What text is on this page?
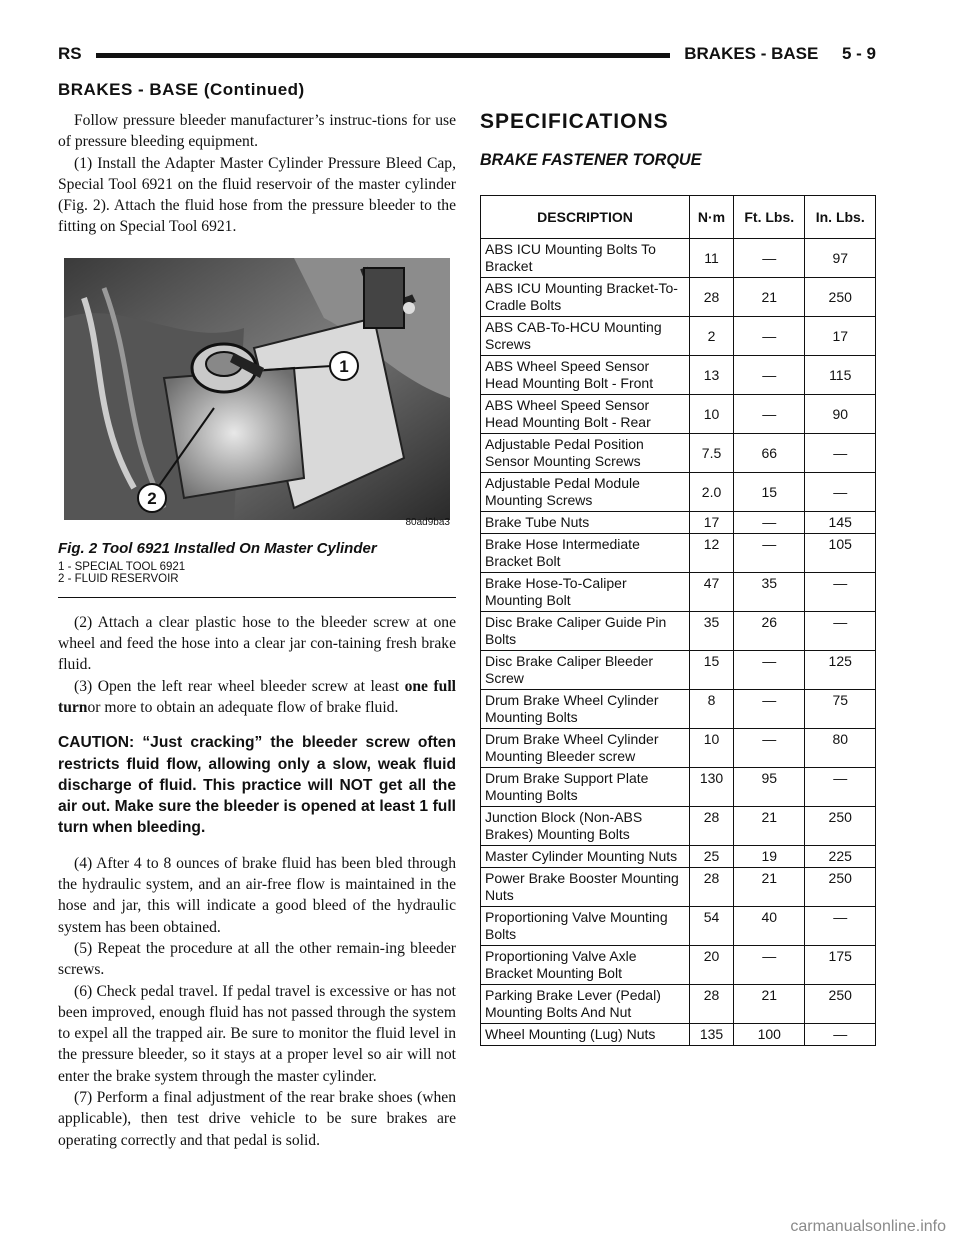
RS	BRAKES - BASE     5 - 9
BRAKES - BASE (Continued)

Follow pressure bleeder manufacturer’s instruc-tions for use of pressure bleeding equipment.

(1) Install the Adapter Master Cylinder Pressure Bleed Cap, Special Tool 6921 on the fluid reservoir of the master cylinder (Fig. 2). Attach the fluid hose from the pressure bleeder to the fitting on Special Tool 6921.

1
2
80ad9ba3
Fig. 2 Tool 6921 Installed On Master Cylinder
1 - SPECIAL TOOL 6921
2 - FLUID RESERVOIR

(2) Attach a clear plastic hose to the bleeder screw at one wheel and feed the hose into a clear jar con-taining fresh brake fluid.

(3) Open the left rear wheel bleeder screw at least one full turnor more to obtain an adequate flow of brake fluid.

CAUTION: “Just cracking” the bleeder screw often restricts fluid flow, allowing only a slow, weak fluid discharge of fluid. This practice will NOT get all the air out. Make sure the bleeder is opened at least 1 full turn when bleeding.

(4) After 4 to 8 ounces of brake fluid has been bled through the hydraulic system, and an air-free flow is maintained in the hose and jar, this will indicate a good bleed of the hydraulic system has been obtained.

(5) Repeat the procedure at all the other remain-ing bleeder screws.

(6) Check pedal travel. If pedal travel is excessive or has not been improved, enough fluid has not passed through the system to expel all the trapped air. Be sure to monitor the fluid level in the pressure bleeder, so it stays at a proper level so air will not enter the brake system through the master cylinder.

(7) Perform a final adjustment of the rear brake shoes (when applicable), then test drive vehicle to be sure brakes are operating correctly and that pedal is solid.

SPECIFICATIONS
BRAKE FASTENER TORQUE
DESCRIPTION	N·m	Ft. Lbs.	In. Lbs.
ABS ICU Mounting Bolts To Bracket	11	—	97
ABS ICU Mounting Bracket-To-Cradle Bolts	28	21	250
ABS CAB-To-HCU Mounting Screws	2	—	17
ABS Wheel Speed Sensor Head Mounting Bolt - Front	13	—	115
ABS Wheel Speed Sensor Head Mounting Bolt - Rear	10	—	90
Adjustable Pedal Position Sensor Mounting Screws	7.5	66	—
Adjustable Pedal Module Mounting Screws	2.0	15	—
Brake Tube Nuts	17	—	145
Brake Hose Intermediate Bracket Bolt	12	—	105
Brake Hose-To-Caliper Mounting Bolt	47	35	—
Disc Brake Caliper Guide Pin Bolts	35	26	—
Disc Brake Caliper Bleeder Screw	15	—	125
Drum Brake Wheel Cylinder Mounting Bolts	8	—	75
Drum Brake Wheel Cylinder Mounting Bleeder screw	10	—	80
Drum Brake Support Plate Mounting Bolts	130	95	—
Junction Block (Non-ABS Brakes) Mounting Bolts	28	21	250
Master Cylinder Mounting Nuts	25	19	225
Power Brake Booster Mounting Nuts	28	21	250
Proportioning Valve Mounting Bolts	54	40	—
Proportioning Valve Axle Bracket Mounting Bolt	20	—	175
Parking Brake Lever (Pedal) Mounting Bolts And Nut	28	21	250
Wheel Mounting (Lug) Nuts	135	100	—
carmanualsonline.info
